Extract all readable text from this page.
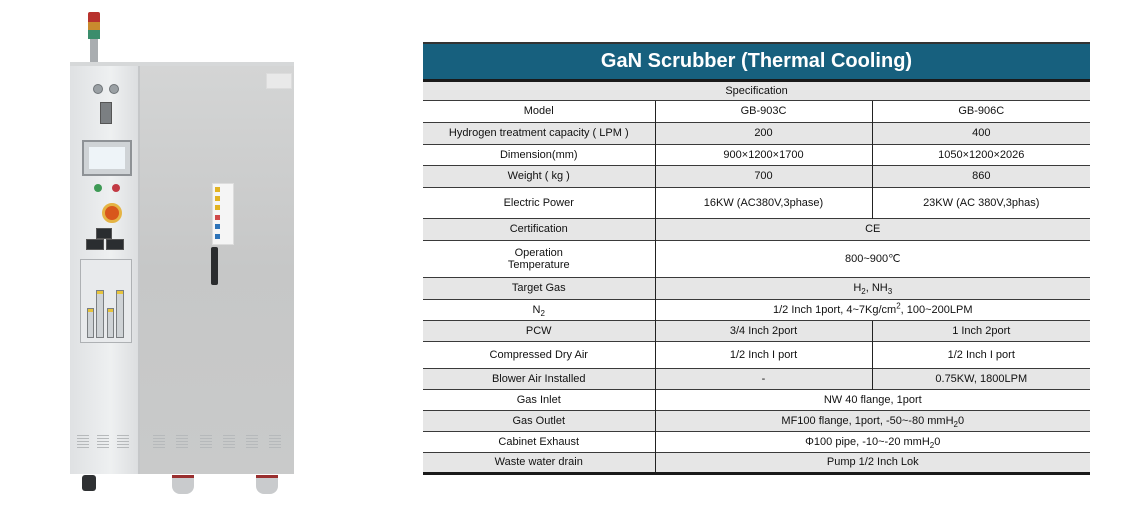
GaN Scrubber (Thermal Cooling)
Specification		
Model	GB-903C	GB-906C
Hydrogen treatment capacity ( LPM )	200	400
Dimension(mm)	900×1200×1700	1050×1200×2026
Weight ( kg )	700	860
Electric Power	16KW (AC380V,3phase)	23KW (AC 380V,3phas)
Certification	CE	

Operation
Temperature	800~900℃	
Target Gas	$H_2$, $NH_3$
$N_2$	1/2 Inch 1port, $4\sim 7Kg/cm^2$, 100~200LPM	
PCW	3/4 Inch 2port	1 Inch 2port
Compressed Dry Air	1/2 Inch I port	1/2 Inch I port
Blower Air Installed	-	0.75KW, 1800LPM
Gas Inlet	NW 40 flange, 1port	
Gas Outlet	MF100 flange, 1port, -50~-80 mmH$_2$0	
Cabinet Exhaust	Φ100 pipe, -10~-20 mmH$_2$0	
Waste water drain	Pump 1/2 Inch Lok	
